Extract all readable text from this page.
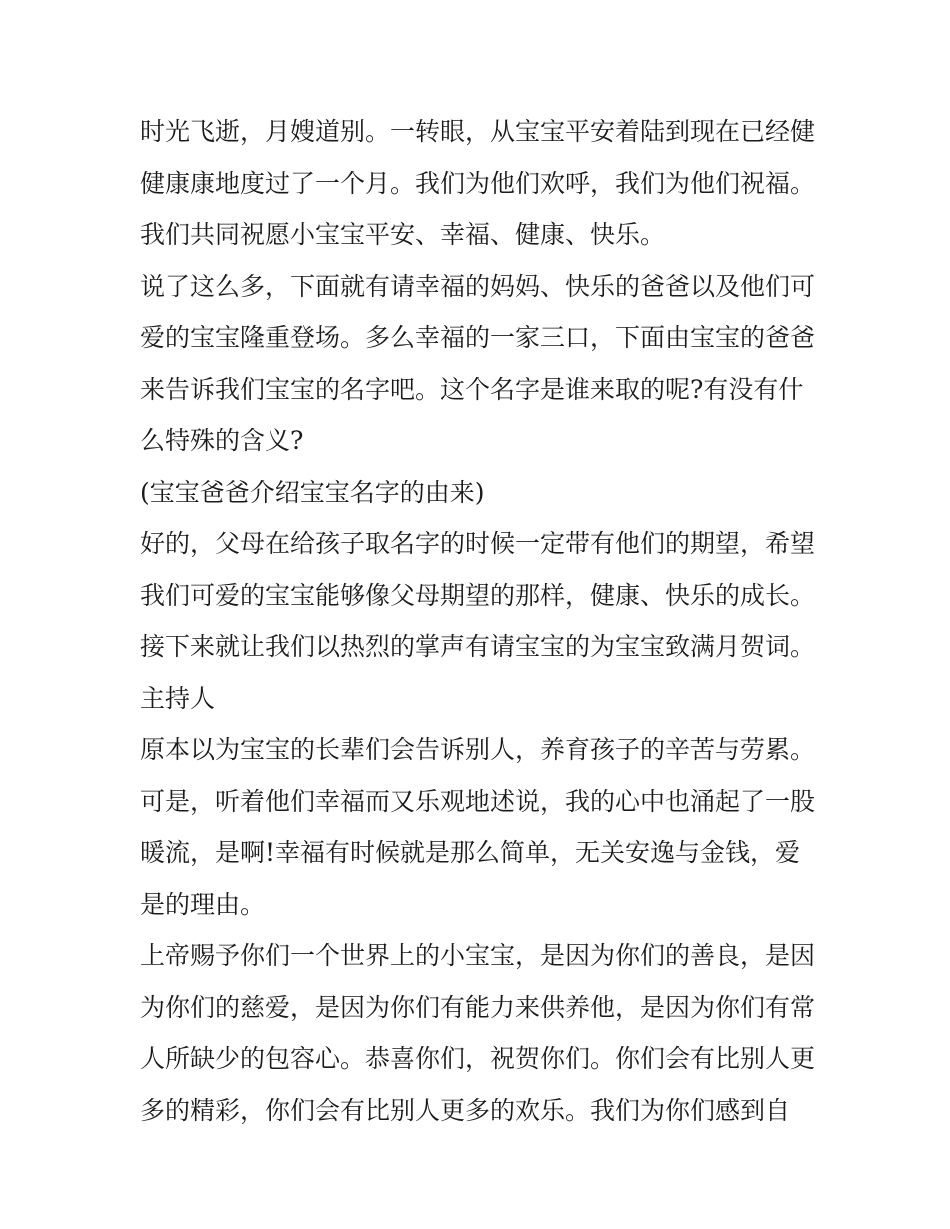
时光飞逝，月嫂道别。一转眼，从宝宝平安着陆到现在已经健
健康康地度过了一个月。我们为他们欢呼，我们为他们祝福。
我们共同祝愿小宝宝平安、幸福、健康、快乐。
说了这么多，下面就有请幸福的妈妈、快乐的爸爸以及他们可
爱的宝宝隆重登场。多么幸福的一家三口，下面由宝宝的爸爸
来告诉我们宝宝的名字吧。这个名字是谁来取的呢?有没有什
么特殊的含义?
(宝宝爸爸介绍宝宝名字的由来)
好的，父母在给孩子取名字的时候一定带有他们的期望，希望
我们可爱的宝宝能够像父母期望的那样，健康、快乐的成长。
接下来就让我们以热烈的掌声有请宝宝的为宝宝致满月贺词。
主持人
原本以为宝宝的长辈们会告诉别人，养育孩子的辛苦与劳累。
可是，听着他们幸福而又乐观地述说，我的心中也涌起了一股
暖流，是啊!幸福有时候就是那么简单，无关安逸与金钱，爱
是的理由。
上帝赐予你们一个世界上的小宝宝，是因为你们的善良，是因
为你们的慈爱，是因为你们有能力来供养他，是因为你们有常
人所缺少的包容心。恭喜你们，祝贺你们。你们会有比别人更
多的精彩，你们会有比别人更多的欢乐。我们为你们感到自
